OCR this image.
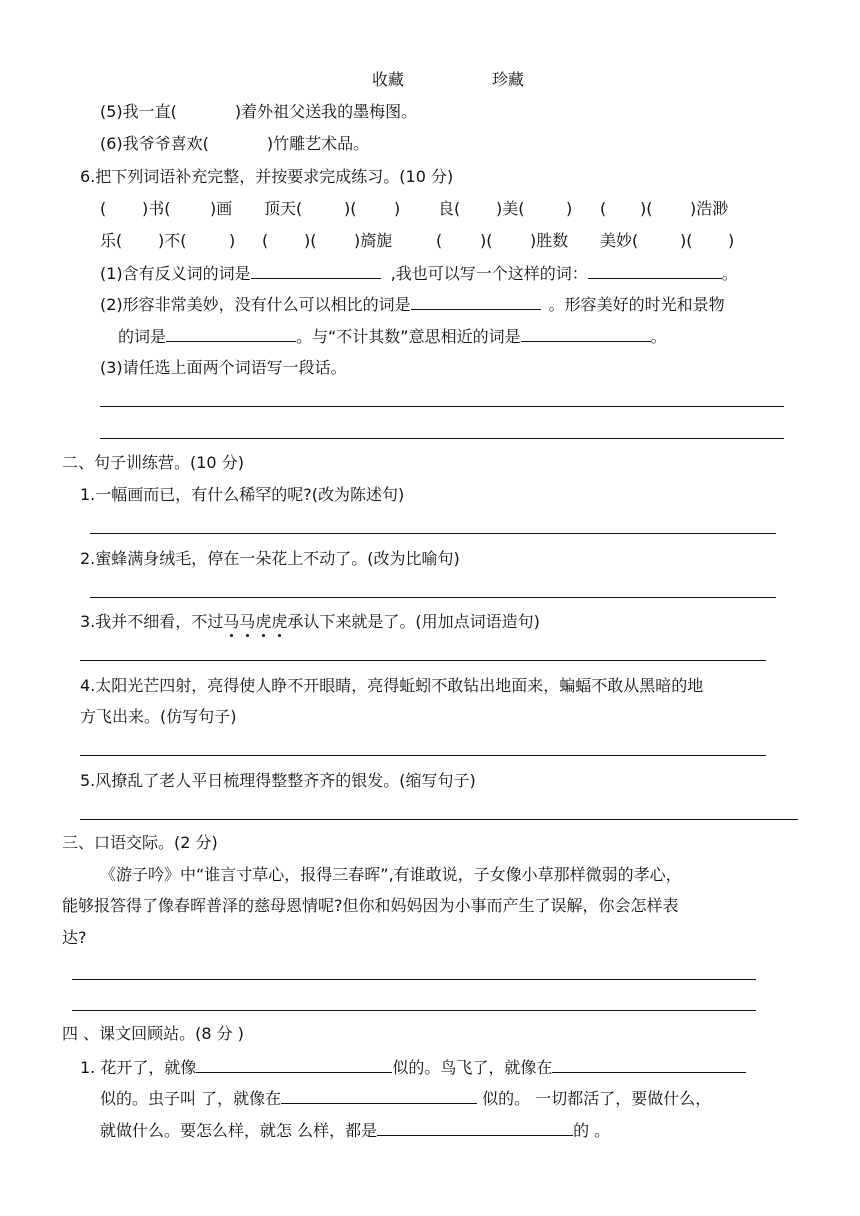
收藏	珍藏
(5)我一直(	)着外祖父送我的墨梅图。
(6)我爷爷喜欢(	)竹雕艺术品。
6.把下列词语补充完整，并按要求完成练习。(10 分)
( )书( )画 顶天(	)( ) 良( )美(	) ( )( )浩渺
乐( )不(	) ( )( )旖旎	( )( )胜数 美妙(	)( )
(1)含有反义词的词是	,我也可以写一个这样的词：	。
(2)形容非常美妙，没有什么可以相比的词是	。形容美好的时光和景物
的词是	。与“不计其数”意思相近的词是	。
(3)请任选上面两个词语写一段话。
二、句子训练营。(10 分)
1.一幅画而已，有什么稀罕的呢?(改为陈述句)
2.蜜蜂满身绒毛，停在一朵花上不动了。(改为比喻句)
3.我并不细看，不过马马虎虎承认下来就是了。(用加点词语造句)
4.太阳光芒四射，亮得使人睁不开眼睛，亮得蚯蚓不敢钻出地面来，蝙蝠不敢从黑暗的地
方飞出来。(仿写句子)
5.风撩乱了老人平日梳理得整整齐齐的银发。(缩写句子)
三、口语交际。(2 分)
《游子吟》中“谁言寸草心，报得三春晖”,有谁敢说，子女像小草那样微弱的孝心，
能够报答得了像春晖普泽的慈母恩情呢?但你和妈妈因为小事而产生了误解，你会怎样表
达?
四 、课文回顾站。(8 分 )
1. 花开了，就像	似的。鸟飞了，就像在
似的。虫子叫 了，就像在	似的。 一切都活了，要做什么，
就做什么。要怎么样，就怎 么样，都是	的 。
